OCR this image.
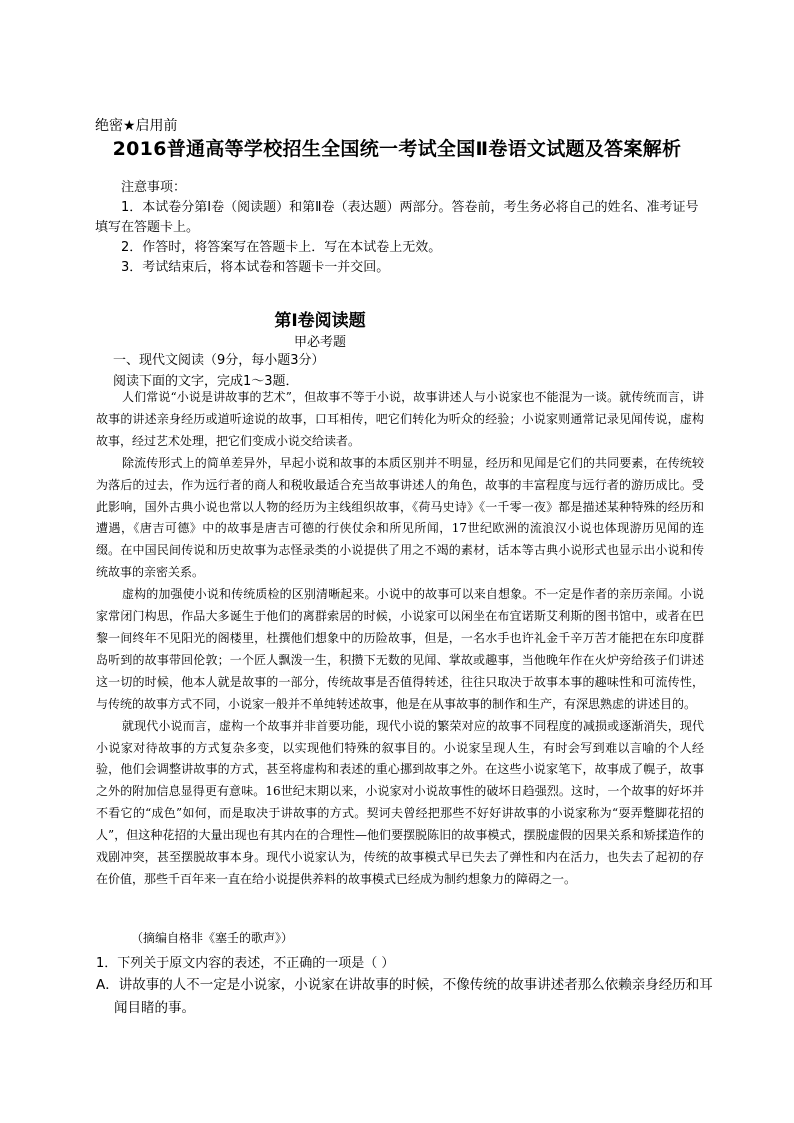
绝密★启用前
2016普通高等学校招生全国统一考试全国Ⅱ卷语文试题及答案解析
注意事项：
1．本试卷分第Ⅰ卷（阅读题）和第Ⅱ卷（表达题）两部分。答卷前，考生务必将自己的姓名、准考证号填写在答题卡上。
2．作答时，将答案写在答题卡上．写在本试卷上无效。
3．考试结束后，将本试卷和答题卡一并交回。
第Ⅰ卷阅读题
甲必考题
一、现代文阅读（9分，每小题3分）
阅读下面的文字，完成1～3题．

人们常说“小说是讲故事的艺术”，但故事不等于小说，故事讲述人与小说家也不能混为一谈。就传统而言，讲故事的讲述亲身经历或道听途说的故事，口耳相传，吧它们转化为听众的经验；小说家则通常记录见闻传说，虚构故事，经过艺术处理，把它们变成小说交给读者。

除流传形式上的简单差异外，早起小说和故事的本质区别并不明显，经历和见闻是它们的共同要素，在传统较为落后的过去，作为远行者的商人和税收最适合充当故事讲述人的角色，故事的丰富程度与远行者的游历成比。受此影响，国外古典小说也常以人物的经历为主线组织故事，《荷马史诗》《一千零一夜》都是描述某种特殊的经历和遭遇，《唐吉可德》中的故事是唐吉可德的行侠仗余和所见所闻，17世纪欧洲的流浪汉小说也体现游历见闻的连缀。在中国民间传说和历史故事为志怪录类的小说提供了用之不竭的素材，话本等古典小说形式也显示出小说和传统故事的亲密关系。

虚构的加强使小说和传统质检的区别清晰起来。小说中的故事可以来自想象。不一定是作者的亲历亲闻。小说家常闭门构思，作品大多诞生于他们的离群索居的时候，小说家可以闲坐在布宜诺斯艾利斯的图书馆中，或者在巴黎一间终年不见阳光的阁楼里，杜撰他们想象中的历险故事，但是，一名水手也许礼金千辛万苦才能把在东印度群岛听到的故事带回伦敦；一个匠人飘泼一生，积攒下无数的见闻、掌故或趣事，当他晚年作在火炉旁给孩子们讲述这一切的时候，他本人就是故事的一部分，传统故事是否值得转述，往往只取决于故事本事的趣味性和可流传性，与传统的故事方式不同，小说家一般并不单纯转述故事，他是在从事故事的制作和生产，有深思熟虑的讲述目的。

就现代小说而言，虚构一个故事并非首要功能，现代小说的繁荣对应的故事不同程度的减损或逐渐消失，现代小说家对待故事的方式复杂多变，以实现他们特殊的叙事目的。小说家呈现人生，有时会写到难以言喻的个人经验，他们会调整讲故事的方式，甚至将虚构和表述的重心挪到故事之外。在这些小说家笔下，故事成了幌子，故事之外的附加信息显得更有意味。16世纪末期以来，小说家对小说故事性的破坏日趋强烈。这时，一个故事的好坏并不看它的“成色”如何，而是取决于讲故事的方式。契诃夫曾经把那些不好好讲故事的小说家称为“耍弄蹩脚花招的人”，但这种花招的大量出现也有其内在的合理性—他们要摆脱陈旧的故事模式，摆脱虚假的因果关系和矫揉造作的戏剧冲突，甚至摆脱故事本身。现代小说家认为，传统的故事模式早已失去了弹性和内在活力，也失去了起初的存在价值，那些千百年来一直在给小说提供养料的故事模式已经成为制约想象力的障碍之一。

（摘编自格非《塞壬的歌声》）
1．下列关于原文内容的表述，不正确的一项是（ ）
A．讲故事的人不一定是小说家，小说家在讲故事的时候，不像传统的故事讲述者那么依赖亲身经历和耳闻目睹的事。
